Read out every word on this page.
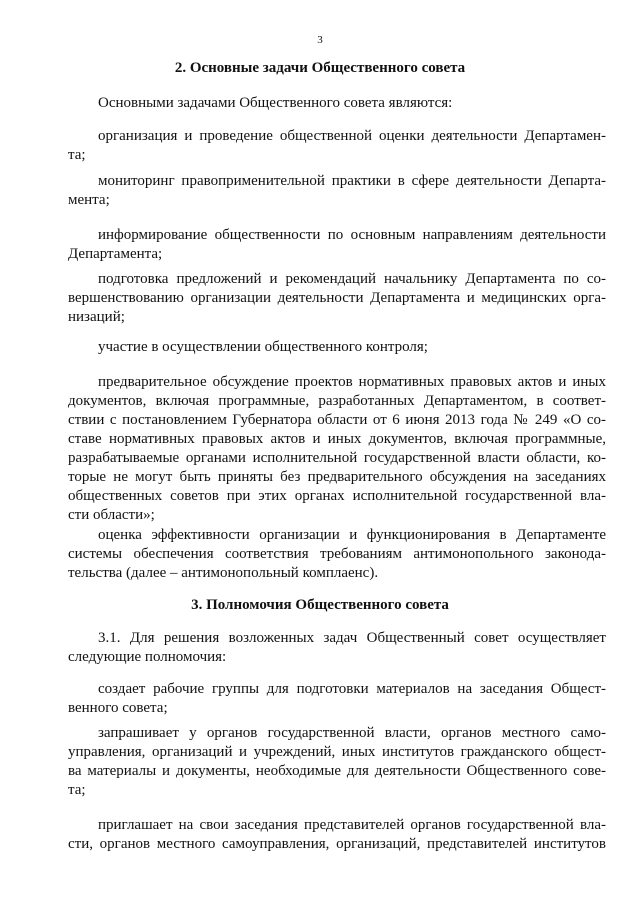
3
2. Основные задачи Общественного совета
Основными задачами Общественного совета являются:
организация и проведение общественной оценки деятельности Департамен-
та;
мониторинг правоприменительной практики в сфере деятельности Департа-
мента;
информирование общественности по основным направлениям деятельности
Департамента;
подготовка предложений и рекомендаций начальнику Департамента по со-
вершенствованию организации деятельности Департамента и медицинских орга-
низаций;
участие в осуществлении общественного контроля;
предварительное обсуждение проектов нормативных правовых актов и иных
документов, включая программные, разработанных Департаментом, в соответ-
ствии с постановлением Губернатора области от 6 июня 2013 года № 249 «О со-
ставе нормативных правовых актов и иных документов, включая программные,
разрабатываемые органами исполнительной государственной власти области, ко-
торые не могут быть приняты без предварительного обсуждения на заседаниях
общественных советов при этих органах исполнительной государственной вла-
сти области»;
оценка эффективности организации и функционирования в Департаменте
системы обеспечения соответствия требованиям антимонопольного законода-
тельства (далее – антимонопольный комплаенс).
3. Полномочия Общественного совета
3.1. Для решения возложенных задач Общественный совет осуществляет
следующие полномочия:
создает рабочие группы для подготовки материалов на заседания Общест-
венного совета;
запрашивает у органов государственной власти, органов местного само-
управления, организаций и учреждений, иных институтов гражданского общест-
ва материалы и документы, необходимые для деятельности Общественного сове-
та;
приглашает на свои заседания представителей органов государственной вла-
сти, органов местного самоуправления, организаций, представителей институтов
